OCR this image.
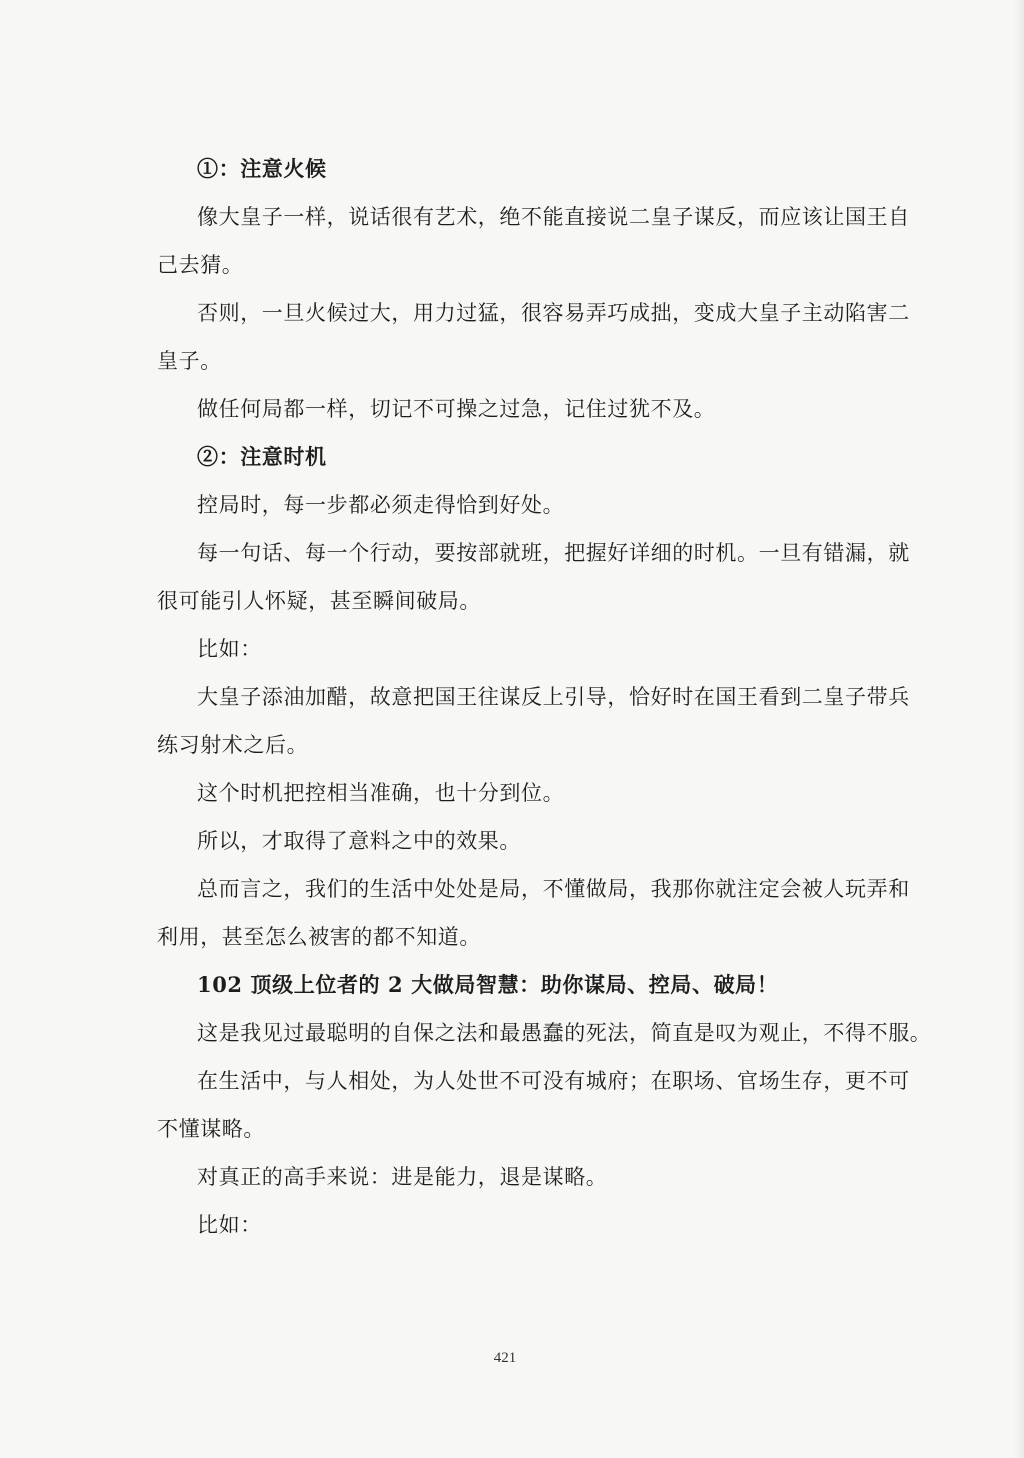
①：注意火候
像大皇子一样，说话很有艺术，绝不能直接说二皇子谋反，而应该让国王自
己去猜。
否则，一旦火候过大，用力过猛，很容易弄巧成拙，变成大皇子主动陷害二
皇子。
做任何局都一样，切记不可操之过急，记住过犹不及。
②：注意时机
控局时，每一步都必须走得恰到好处。
每一句话、每一个行动，要按部就班，把握好详细的时机。一旦有错漏，就
很可能引人怀疑，甚至瞬间破局。
比如：
大皇子添油加醋，故意把国王往谋反上引导，恰好时在国王看到二皇子带兵
练习射术之后。
这个时机把控相当准确，也十分到位。
所以，才取得了意料之中的效果。
总而言之，我们的生活中处处是局，不懂做局，我那你就注定会被人玩弄和
利用，甚至怎么被害的都不知道。
102 顶级上位者的 2 大做局智慧：助你谋局、控局、破局！
这是我见过最聪明的自保之法和最愚蠢的死法，简直是叹为观止，不得不服。
在生活中，与人相处，为人处世不可没有城府；在职场、官场生存，更不可
不懂谋略。
对真正的高手来说：进是能力，退是谋略。
比如：
421
